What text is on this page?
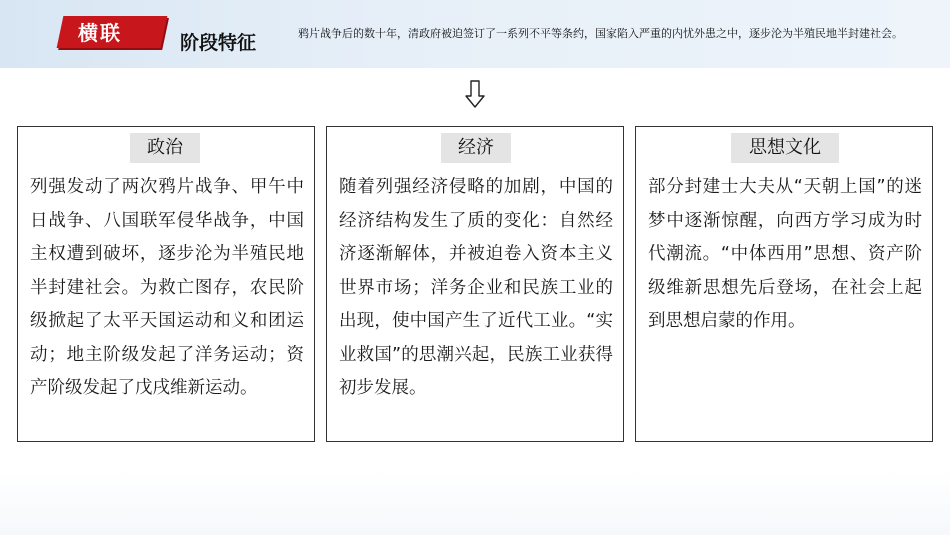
横联	阶段特征	鸦片战争后的数十年，清政府被迫签订了一系列不平等条约，国家陷入严重的内忧外患之中，逐步沦为半殖民地半封建社会。
政治
列强发动了两次鸦片战争、甲午中日战争、八国联军侵华战争，中国主权遭到破坏，逐步沦为半殖民地半封建社会。为救亡图存，农民阶级掀起了太平天国运动和义和团运动；地主阶级发起了洋务运动；资产阶级发起了戊戌维新运动。
经济
随着列强经济侵略的加剧，中国的经济结构发生了质的变化：自然经济逐渐解体，并被迫卷入资本主义世界市场；洋务企业和民族工业的出现，使中国产生了近代工业。“实业救国”的思潮兴起，民族工业获得初步发展。
思想文化
部分封建士大夫从“天朝上国”的迷梦中逐渐惊醒，向西方学习成为时代潮流。“中体西用”思想、资产阶级维新思想先后登场，在社会上起到思想启蒙的作用。
